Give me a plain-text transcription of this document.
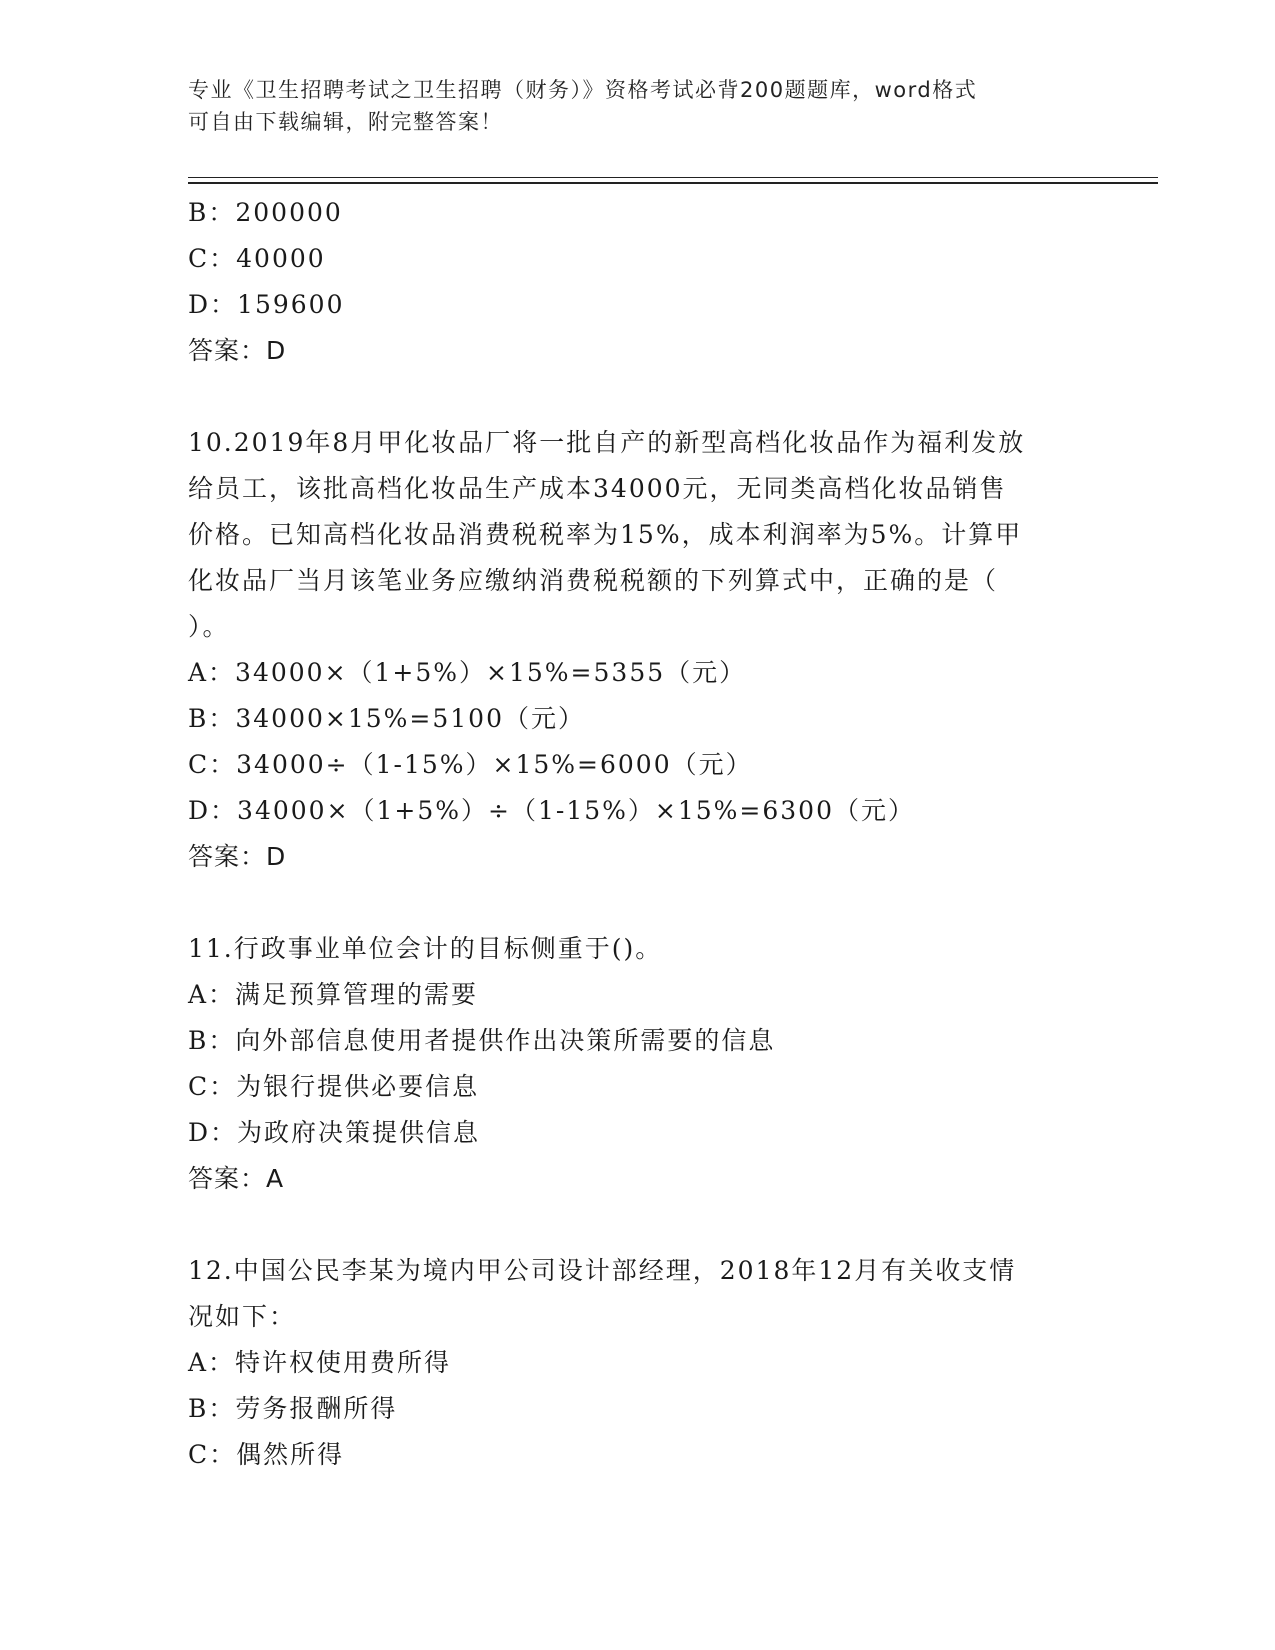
专业《卫生招聘考试之卫生招聘（财务）》资格考试必背200题题库，word格式
可自由下载编辑，附完整答案！
B：200000
C：40000
D：159600
答案：D
10.2019年8月甲化妆品厂将一批自产的新型高档化妆品作为福利发放
给员工，该批高档化妆品生产成本34000元，无同类高档化妆品销售
价格。已知高档化妆品消费税税率为15%，成本利润率为5%。计算甲
化妆品厂当月该笔业务应缴纳消费税税额的下列算式中，正确的是（
）。
A：34000×（1+5%）×15%=5355（元）
B：34000×15%=5100（元）
C：34000÷（1-15%）×15%=6000（元）
D：34000×（1+5%）÷（1-15%）×15%=6300（元）
答案：D
11.行政事业单位会计的目标侧重于()。
A：满足预算管理的需要
B：向外部信息使用者提供作出决策所需要的信息
C：为银行提供必要信息
D：为政府决策提供信息
答案：A
12.中国公民李某为境内甲公司设计部经理，2018年12月有关收支情
况如下：
A：特许权使用费所得
B：劳务报酬所得
C：偶然所得
